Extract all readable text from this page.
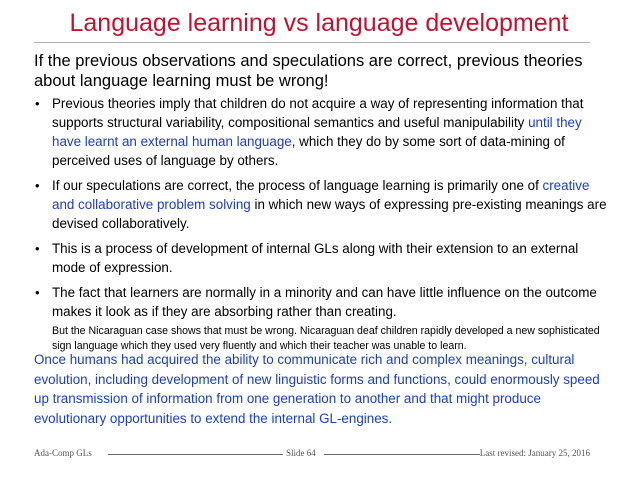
Language learning vs language development
If the previous observations and speculations are correct, previous theories about language learning must be wrong!
• Previous theories imply that children do not acquire a way of representing information that supports structural variability, compositional semantics and useful manipulability until they have learnt an external human language, which they do by some sort of data-mining of perceived uses of language by others.
• If our speculations are correct, the process of language learning is primarily one of creative and collaborative problem solving in which new ways of expressing pre-existing meanings are devised collaboratively.
• This is a process of development of internal GLs along with their extension to an external mode of expression.
• The fact that learners are normally in a minority and can have little influence on the outcome makes it look as if they are absorbing rather than creating.
But the Nicaraguan case shows that must be wrong. Nicaraguan deaf children rapidly developed a new sophisticated sign language which they used very fluently and which their teacher was unable to learn.
Once humans had acquired the ability to communicate rich and complex meanings, cultural evolution, including development of new linguistic forms and functions, could enormously speed up transmission of information from one generation to another and that might produce evolutionary opportunities to extend the internal GL-engines.
Ada-Comp GLs	Slide 64	Last revised: January 25, 2016
